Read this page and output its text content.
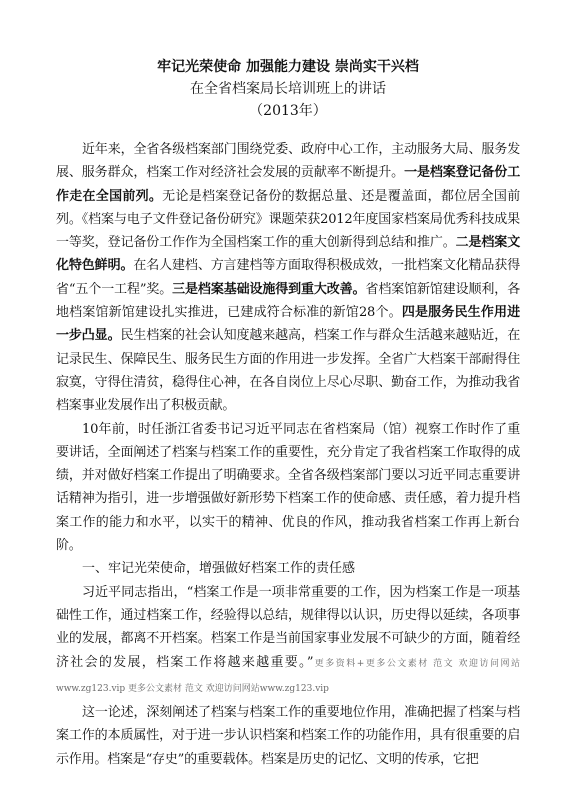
牢记光荣使命 加强能力建设 崇尚实干兴档
在全省档案局长培训班上的讲话
（2013年）

近年来，全省各级档案部门围绕党委、政府中心工作，主动服务大局、服务发展、服务群众，档案工作对经济社会发展的贡献率不断提升。一是档案登记备份工作走在全国前列。无论是档案登记备份的数据总量、还是覆盖面，都位居全国前列。《档案与电子文件登记备份研究》课题荣获2012年度国家档案局优秀科技成果一等奖，登记备份工作作为全国档案工作的重大创新得到总结和推广。二是档案文化特色鲜明。在名人建档、方言建档等方面取得积极成效，一批档案文化精品获得省“五个一工程”奖。三是档案基础设施得到重大改善。省档案馆新馆建设顺利，各地档案馆新馆建设扎实推进，已建成符合标准的新馆28个。四是服务民生作用进一步凸显。民生档案的社会认知度越来越高，档案工作与群众生活越来越贴近，在记录民生、保障民生、服务民生方面的作用进一步发挥。全省广大档案干部耐得住寂寞，守得住清贫，稳得住心神，在各自岗位上尽心尽职、勤奋工作，为推动我省档案事业发展作出了积极贡献。

10年前，时任浙江省委书记习近平同志在省档案局（馆）视察工作时作了重要讲话，全面阐述了档案与档案工作的重要性，充分肯定了我省档案工作取得的成绩，并对做好档案工作提出了明确要求。全省各级档案部门要以习近平同志重要讲话精神为指引，进一步增强做好新形势下档案工作的使命感、责任感，着力提升档案工作的能力和水平，以实干的精神、优良的作风，推动我省档案工作再上新台阶。

一、牢记光荣使命，增强做好档案工作的责任感

习近平同志指出，“档案工作是一项非常重要的工作，因为档案工作是一项基础性工作，通过档案工作，经验得以总结，规律得以认识，历史得以延续，各项事业的发展，都离不开档案。档案工作是当前国家事业发展不可缺少的方面，随着经济社会的发展，档案工作将越来越重要。”更多资料+更多公文素材 范文 欢迎访问网站www.zg123.vip 更多公文素材 范文 欢迎访问网站www.zg123.vip

这一论述，深刻阐述了档案与档案工作的重要地位作用，准确把握了档案与档案工作的本质属性，对于进一步认识档案和档案工作的功能作用，具有很重要的启示作用。档案是“存史”的重要载体。档案是历史的记忆、文明的传承，它把
